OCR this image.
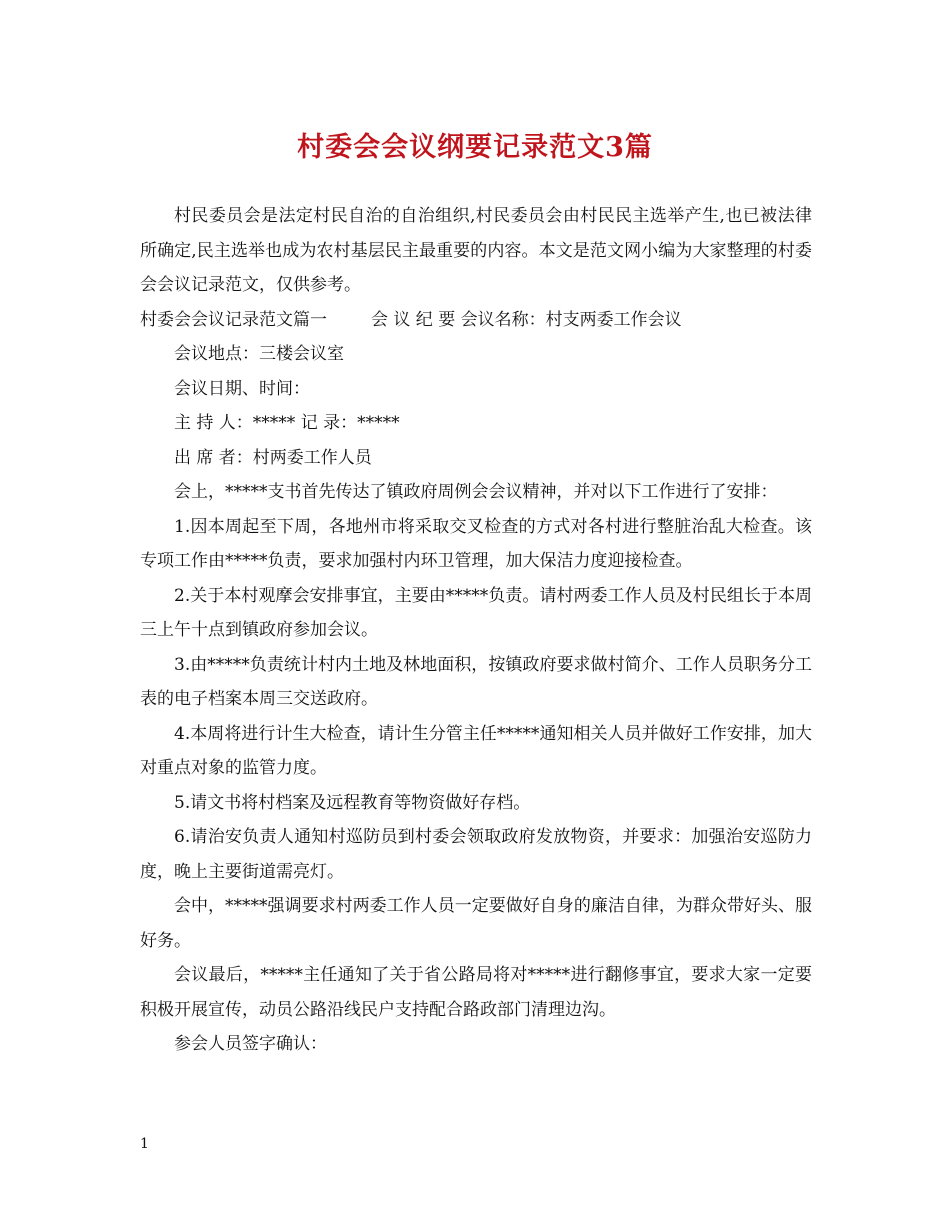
村委会会议纲要记录范文3篇

村民委员会是法定村民自治的自治组织,村民委员会由村民民主选举产生,也已被法律所确定,民主选举也成为农村基层民主最重要的内容。本文是范文网小编为大家整理的村委会会议记录范文，仅供参考。

村委会会议记录范文篇一	会 议 纪 要 会议名称：村支两委工作会议

会议地点：三楼会议室

会议日期、时间：

主 持 人：***** 记 录：*****

出 席 者：村两委工作人员

会上，*****支书首先传达了镇政府周例会会议精神，并对以下工作进行了安排：

1.因本周起至下周，各地州市将采取交叉检查的方式对各村进行整脏治乱大检查。该专项工作由*****负责，要求加强村内环卫管理，加大保洁力度迎接检查。

2.关于本村观摩会安排事宜，主要由*****负责。请村两委工作人员及村民组长于本周三上午十点到镇政府参加会议。

3.由*****负责统计村内土地及林地面积，按镇政府要求做村简介、工作人员职务分工表的电子档案本周三交送政府。

4.本周将进行计生大检查，请计生分管主任*****通知相关人员并做好工作安排，加大对重点对象的监管力度。

5.请文书将村档案及远程教育等物资做好存档。

6.请治安负责人通知村巡防员到村委会领取政府发放物资，并要求：加强治安巡防力度，晚上主要街道需亮灯。

会中，*****强调要求村两委工作人员一定要做好自身的廉洁自律，为群众带好头、服好务。

会议最后，*****主任通知了关于省公路局将对*****进行翻修事宜，要求大家一定要积极开展宣传，动员公路沿线民户支持配合路政部门清理边沟。

参会人员签字确认：

1
